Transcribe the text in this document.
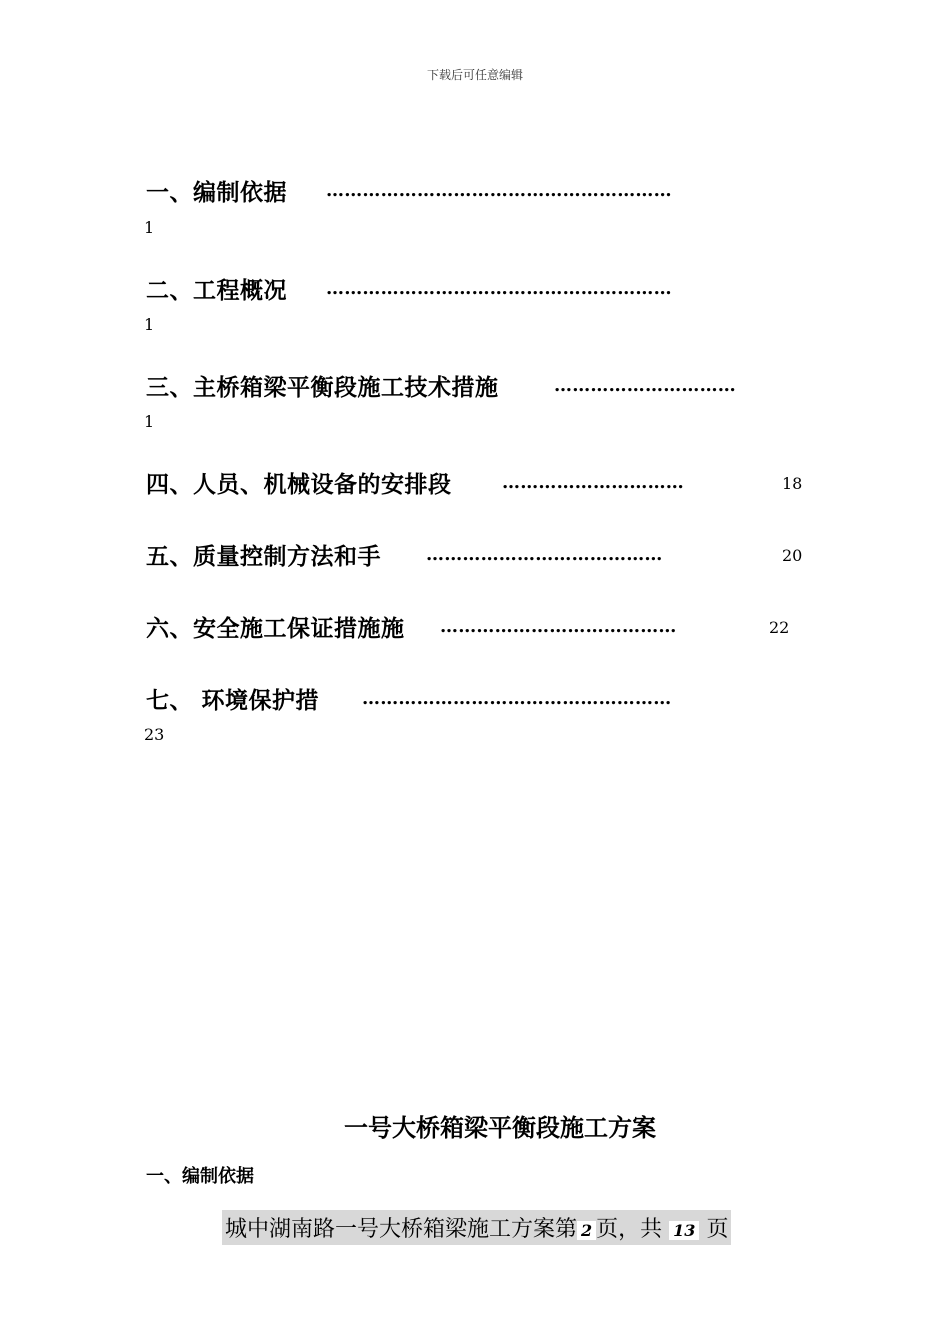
下载后可任意编辑
一、编制依据 …………………………………………………
1
二、工程概况 …………………………………………………
1
三、主桥箱梁平衡段施工技术措施	…………………………
1
四、人员、机械设备的安排段	…………………………	18
五、质量控制方法和手	…………………………………	20
六、安全施工保证措施施 …………………………………	22
七、 环境保护措 ……………………………………………
23
一号大桥箱梁平衡段施工方案
一、编制依据
城中湖南路一号大桥箱梁施工方案第 2 页，共 13 页
